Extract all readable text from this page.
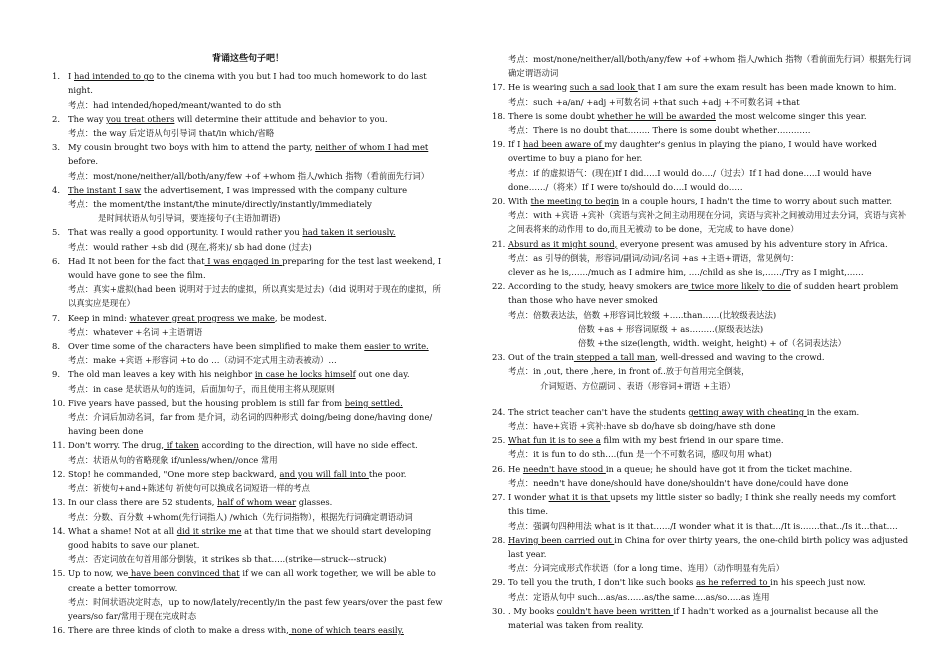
背诵这些句子吧！
1. I had intended to go to the cinema with you but I had too much homework to do last night.
考点：had intended/hoped/meant/wanted to do sth
2. The way you treat others will determine their attitude and behavior to you.
考点：the way 后定语从句引导词 that/in which/省略
3. My cousin brought two boys with him to attend the party, neither of whom I had met before.
考点：most/none/neither/all/both/any/few +of +whom 指人/which 指物（看前面先行词）
4. The instant I saw the advertisement, I was impressed with the company culture
考点：the moment/the instant/the minute/directly/instantly/immediately
是时间状语从句引导词，要连接句子(主语加谓语)
5. That was really a good opportunity. I would rather you had taken it seriously.
考点：would rather +sb did (现在,将来)/ sb had done (过去)
6. Had It not been for the fact that I was engaged in preparing for the test last weekend, I would have gone to see the film.
考点：真实+虚拟(had been 说明对于过去的虚拟，所以真实是过去)（did 说明对于现在的虚拟，所以真实应是现在）
7. Keep in mind: whatever great progress we make, be modest.
考点：whatever +名词 +主语谓语
8. Over time some of the characters have been simplified to make them easier to write.
考点：make +宾语 +形容词 +to do …（动词不定式用主动表被动）…
9. The old man leaves a key with his neighbor in case he locks himself out one day.
考点：in case 是状语从句的连词，后面加句子，而且使用主将从现原则
10. Five years have passed, but the housing problem is still far from being settled.
考点：介词后加动名词，far from 是介词，动名词的四种形式 doing/being done/having done/ having been done
11. Don't worry. The drug, if taken according to the direction, will have no side effect.
考点：状语从句的省略现象 if/unless/when//once 常用
12. Stop! he commanded, "One more step backward, and you will fall into the poor.
考点：祈使句+and+陈述句 祈使句可以换成名词短语一样的考点
13. In our class there are 52 students, half of whom wear glasses.
考点：分数、百分数 +whom(先行词指人) /which（先行词指物），根据先行词确定谓语动词
14. What a shame! Not at all did it strike me at that time that we should start developing good habits to save our planet.
考点：否定词放在句首用部分倒装，it strikes sb that…..(strike—struck---struck)
15. Up to now, we have been convinced that if we can all work together, we will be able to create a better tomorrow.
考点：时间状语决定时态，up to now/lately/recently/in the past few years/over the past few years/so far/常用于现在完成时态
16. There are three kinds of cloth to make a dress with, none of which tears easily.
考点：most/none/neither/all/both/any/few +of +whom 指人/which 指物（看前面先行词）根据先行词确定谓语动词
17. He is wearing such a sad look that I am sure the exam result has been made known to him.
考点：such +a/an/ +adj +可数名词 +that such +adj +不可数名词 +that
18. There is some doubt whether he will be awarded the most welcome singer this year.
考点：There is no doubt that…….. There is some doubt whether…………
19. If I had been aware of my daughter's genius in playing the piano, I would have worked overtime to buy a piano for her.
考点：if 的虚拟语气：(现在)If I did…..I would do…./（过去）If I had done…..I would have done……/（将来）If I were to/should do….I would do…..
20. With the meeting to begin in a couple hours, I hadn't the time to worry about such matter.
考点：with +宾语 +宾补（宾语与宾补之间主动用现在分词，宾语与宾补之间被动用过去分词，宾语与宾补之间表将来的动作用 to do,而且无被动 to be done，无完成 to have done）
21. Absurd as it might sound, everyone present was amused by his adventure story in Africa.
考点：as 引导的倒装，形容词/副词/动词/名词 +as +主语+谓语，常见例句：
clever as he is,……/much as I admire him, …./child as she is,……/Try as I might,……
22. According to the study, heavy smokers are twice more likely to die of sudden heart problem than those who have never smoked
考点：倍数表达法，倍数 +形容词比较级 +…..than……(比较级表达法)
倍数 +as + 形容词原级 + as………(原级表达法)
倍数 +the size(length, width. weight, height) + of（名词表达法）
23. Out of the train stepped a tall man, well-dressed and waving to the crowd.
考点：in ,out, there ,here, in front of..放于句首用完全倒装，
介词短语、方位副词 、表语（形容词+谓语 +主语）
24. The strict teacher can't have the students getting away with cheating in the exam.
考点：have+宾语 +宾补:have sb do/have sb doing/have sth done
25. What fun it is to see a film with my best friend in our spare time.
考点：it is fun to do sth….(fun 是一个不可数名词，感叹句用 what)
26. He needn't have stood in a queue; he should have got it from the ticket machine.
考点：needn't have done/should have done/shouldn't have done/could have done
27. I wonder what it is that upsets my little sister so badly; I think she really needs my comfort this time.
考点：强调句四种用法 what is it that……/I wonder what it is that…/It is…….that../Is it…that….
28. Having been carried out in China for over thirty years, the one-child birth policy was adjusted last year.
考点：分词完成形式作状语（for a long time、连用）（动作明显有先后）
29. To tell you the truth, I don't like such books as he referred to in his speech just now.
考点：定语从句中 such…as/as……as/the same….as/so…..as 连用
30. . My books couldn't have been written if I hadn't worked as a journalist because all the material was taken from reality.
